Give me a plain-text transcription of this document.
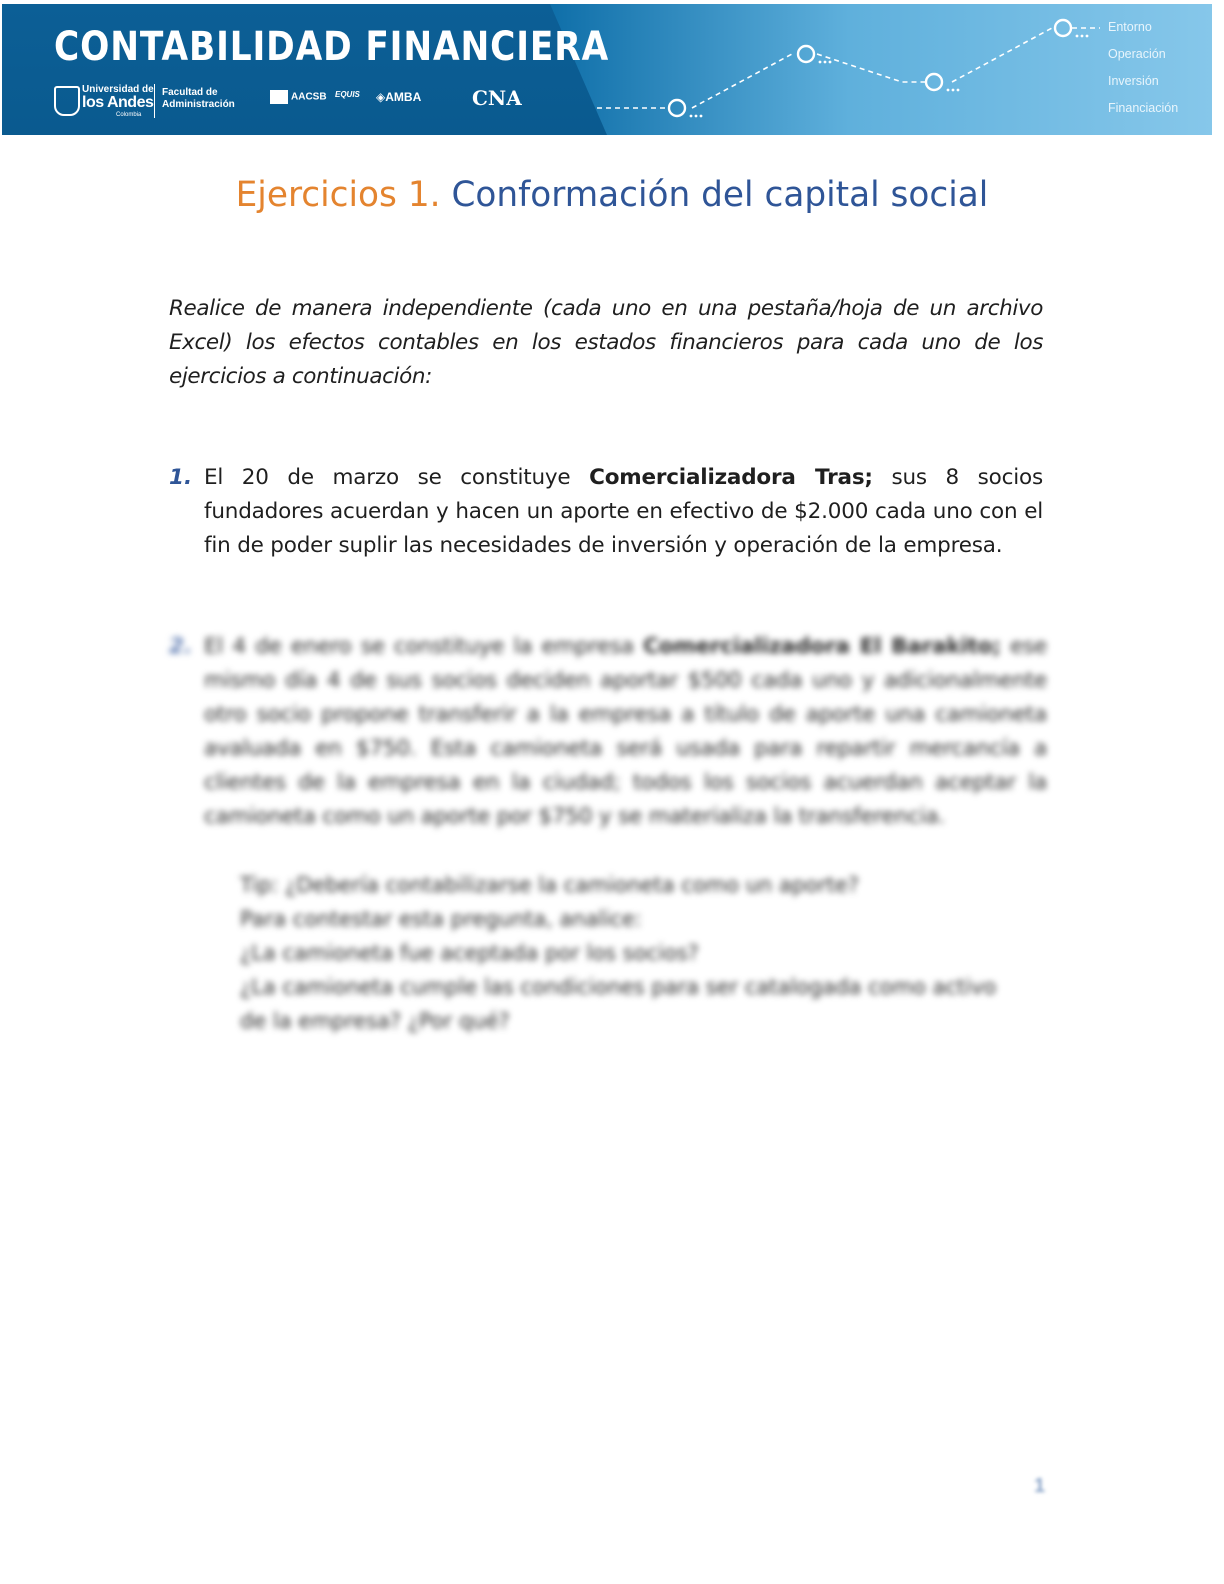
CONTABILIDAD FINANCIERA
Universidad de
los Andes
Colombia
Facultad de
Administración
AACSB EQUIS ◈AMBA	CNA
Entorno
Operación
Inversión
Financiación
Ejercicios 1. Conformación del capital social
Realice de manera independiente (cada uno en una pestaña/hoja de un archivo Excel) los efectos contables en los estados financieros para cada uno de los ejercicios a continuación:
1. El 20 de marzo se constituye Comercializadora Tras; sus 8 socios fundadores acuerdan y hacen un aporte en efectivo de $2.000 cada uno con el fin de poder suplir las necesidades de inversión y operación de la empresa.
2. El 4 de enero se constituye la empresa Comercializadora El Barakito; ese mismo día 4 de sus socios deciden aportar $500 cada uno y adicionalmente otro socio propone transferir a la empresa a título de aporte una camioneta avaluada en $750. Esta camioneta será usada para repartir mercancía a clientes de la empresa en la ciudad; todos los socios acuerdan aceptar la camioneta como un aporte por $750 y se materializa la transferencia.
Tip: ¿Debería contabilizarse la camioneta como un aporte?
Para contestar esta pregunta, analice:
¿La camioneta fue aceptada por los socios?
¿La camioneta cumple las condiciones para ser catalogada como activo
de la empresa? ¿Por qué?
1
